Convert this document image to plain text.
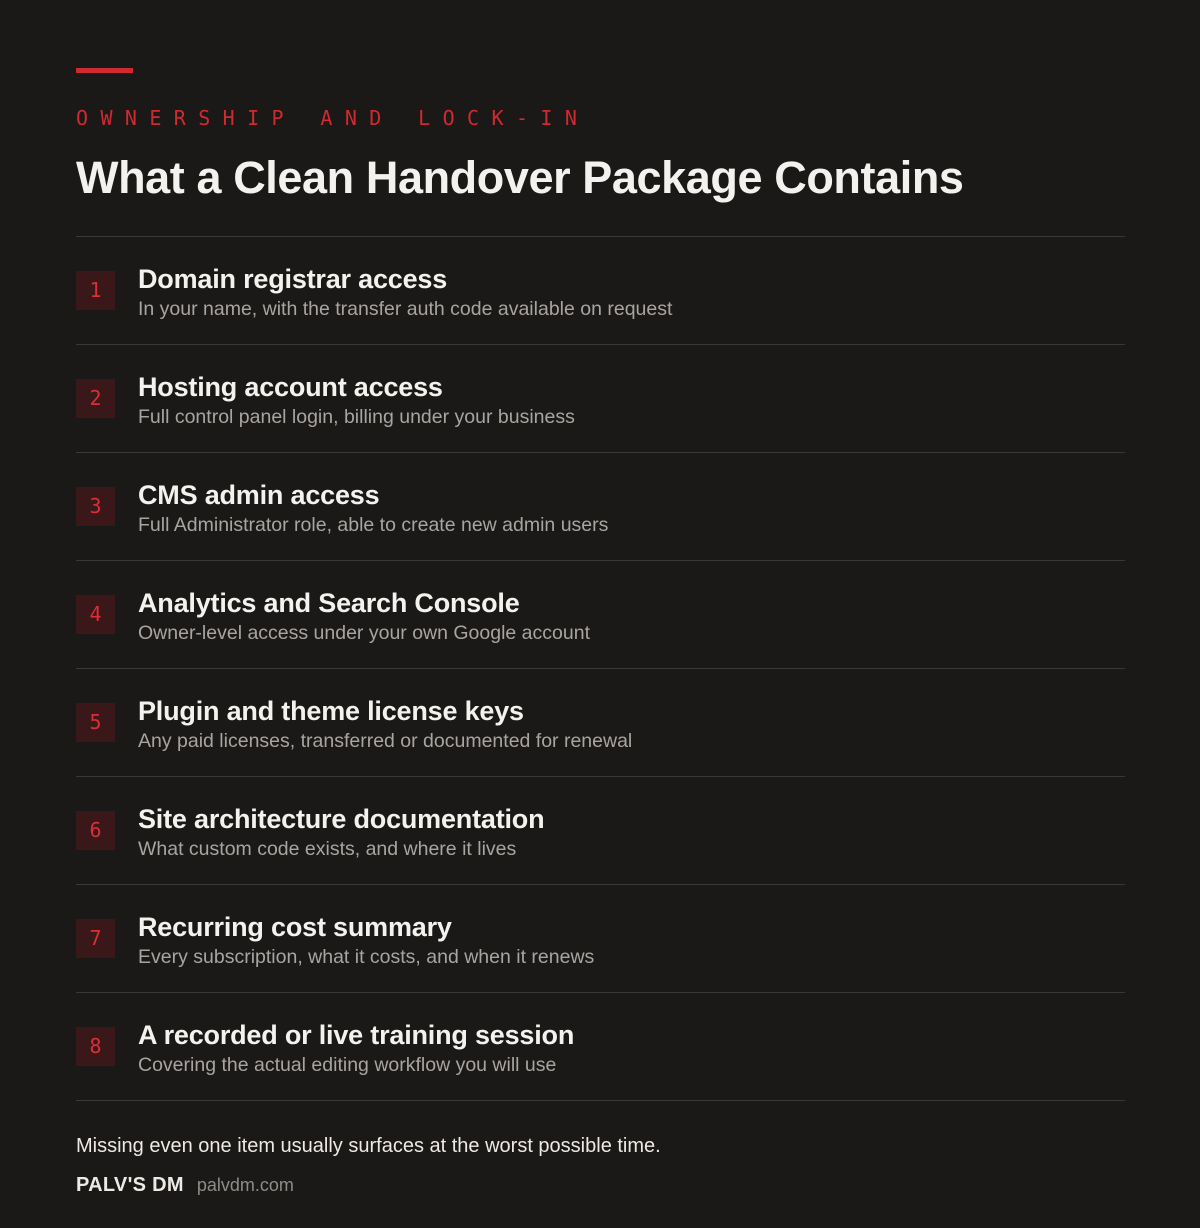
OWNERSHIP AND LOCK-IN
What a Clean Handover Package Contains
1	Domain registrar access
In your name, with the transfer auth code available on request
2	Hosting account access
Full control panel login, billing under your business
3	CMS admin access
Full Administrator role, able to create new admin users
4	Analytics and Search Console
Owner-level access under your own Google account
5	Plugin and theme license keys
Any paid licenses, transferred or documented for renewal
6	Site architecture documentation
What custom code exists, and where it lives
7	Recurring cost summary
Every subscription, what it costs, and when it renews
8	A recorded or live training session
Covering the actual editing workflow you will use
Missing even one item usually surfaces at the worst possible time.
PALV'S DM palvdm.com
